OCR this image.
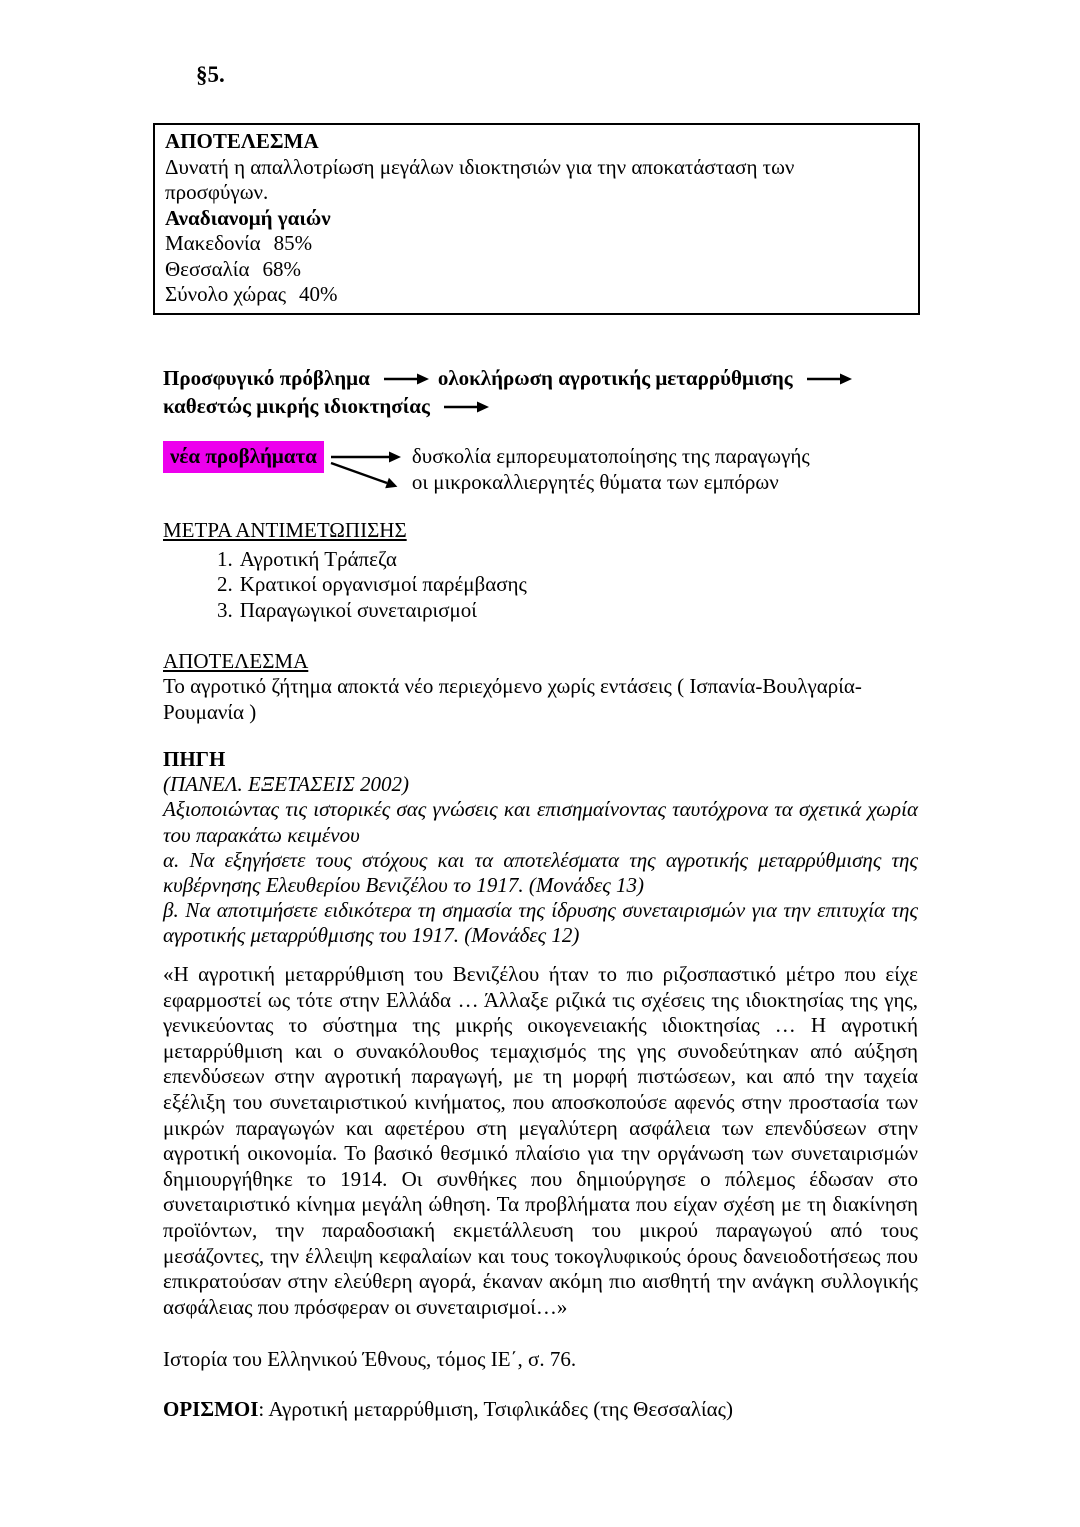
§5.
ΑΠΟΤΕΛΕΣΜΑ
Δυνατή η απαλλοτρίωση μεγάλων ιδιοκτησιών για την αποκατάσταση των προσφύγων.
Αναδιανομή γαιών
Μακεδονία 85%
Θεσσαλία 68%
Σύνολο χώρας 40%
Προσφυγικό πρόβλημα	ολοκλήρωση αγροτικής μεταρρύθμισης
καθεστώς μικρής ιδιοκτησίας
νέα προβλήματα	δυσκολία εμπορευματοποίησης της παραγωγής
οι μικροκαλλιεργητές θύματα των εμπόρων
ΜΕΤΡΑ ΑΝΤΙΜΕΤΩΠΙΣΗΣ
1. Αγροτική Τράπεζα
2. Κρατικοί οργανισμοί παρέμβασης
3. Παραγωγικοί συνεταιρισμοί
ΑΠΟΤΕΛΕΣΜΑ
Το αγροτικό ζήτημα αποκτά νέο περιεχόμενο χωρίς εντάσεις ( Ισπανία-Βουλγαρία-Ρουμανία )
ΠΗΓΗ
(ΠΑΝΕΛ. ΕΞΕΤΑΣΕΙΣ 2002)
Αξιοποιώντας τις ιστορικές σας γνώσεις και επισημαίνοντας ταυτόχρονα τα σχετικά χωρία του παρακάτω κειμένου
α. Να εξηγήσετε τους στόχους και τα αποτελέσματα της αγροτικής μεταρρύθμισης της κυβέρνησης Ελευθερίου Βενιζέλου το 1917. (Μονάδες 13)
β. Να αποτιμήσετε ειδικότερα τη σημασία της ίδρυσης συνεταιρισμών για την επιτυχία της αγροτικής μεταρρύθμισης του 1917. (Μονάδες 12)
«Η αγροτική μεταρρύθμιση του Βενιζέλου ήταν το πιο ριζοσπαστικό μέτρο που είχε εφαρμοστεί ως τότε στην Ελλάδα … Άλλαξε ριζικά τις σχέσεις της ιδιοκτησίας της γης, γενικεύοντας το σύστημα της μικρής οικογενειακής ιδιοκτησίας … Η αγροτική μεταρρύθμιση και ο συνακόλουθος τεμαχισμός της γης συνοδεύτηκαν από αύξηση επενδύσεων στην αγροτική παραγωγή, με τη μορφή πιστώσεων, και από την ταχεία εξέλιξη του συνεταιριστικού κινήματος, που αποσκοπούσε αφενός στην προστασία των μικρών παραγωγών και αφετέρου στη μεγαλύτερη ασφάλεια των επενδύσεων στην αγροτική οικονομία. Το βασικό θεσμικό πλαίσιο για την οργάνωση των συνεταιρισμών δημιουργήθηκε το 1914. Οι συνθήκες που δημιούργησε ο πόλεμος έδωσαν στο συνεταιριστικό κίνημα μεγάλη ώθηση. Τα προβλήματα που είχαν σχέση με τη διακίνηση προϊόντων, την παραδοσιακή εκμετάλλευση του μικρού παραγωγού από τους μεσάζοντες, την έλλειψη κεφαλαίων και τους τοκογλυφικούς όρους δανειοδοτήσεως που επικρατούσαν στην ελεύθερη αγορά, έκαναν ακόμη πιο αισθητή την ανάγκη συλλογικής ασφάλειας που πρόσφεραν οι συνεταιρισμοί…»
Ιστορία του Ελληνικού Έθνους, τόμος ΙΕ΄, σ. 76.
ΟΡΙΣΜΟΙ: Αγροτική μεταρρύθμιση, Τσιφλικάδες (της Θεσσαλίας)
